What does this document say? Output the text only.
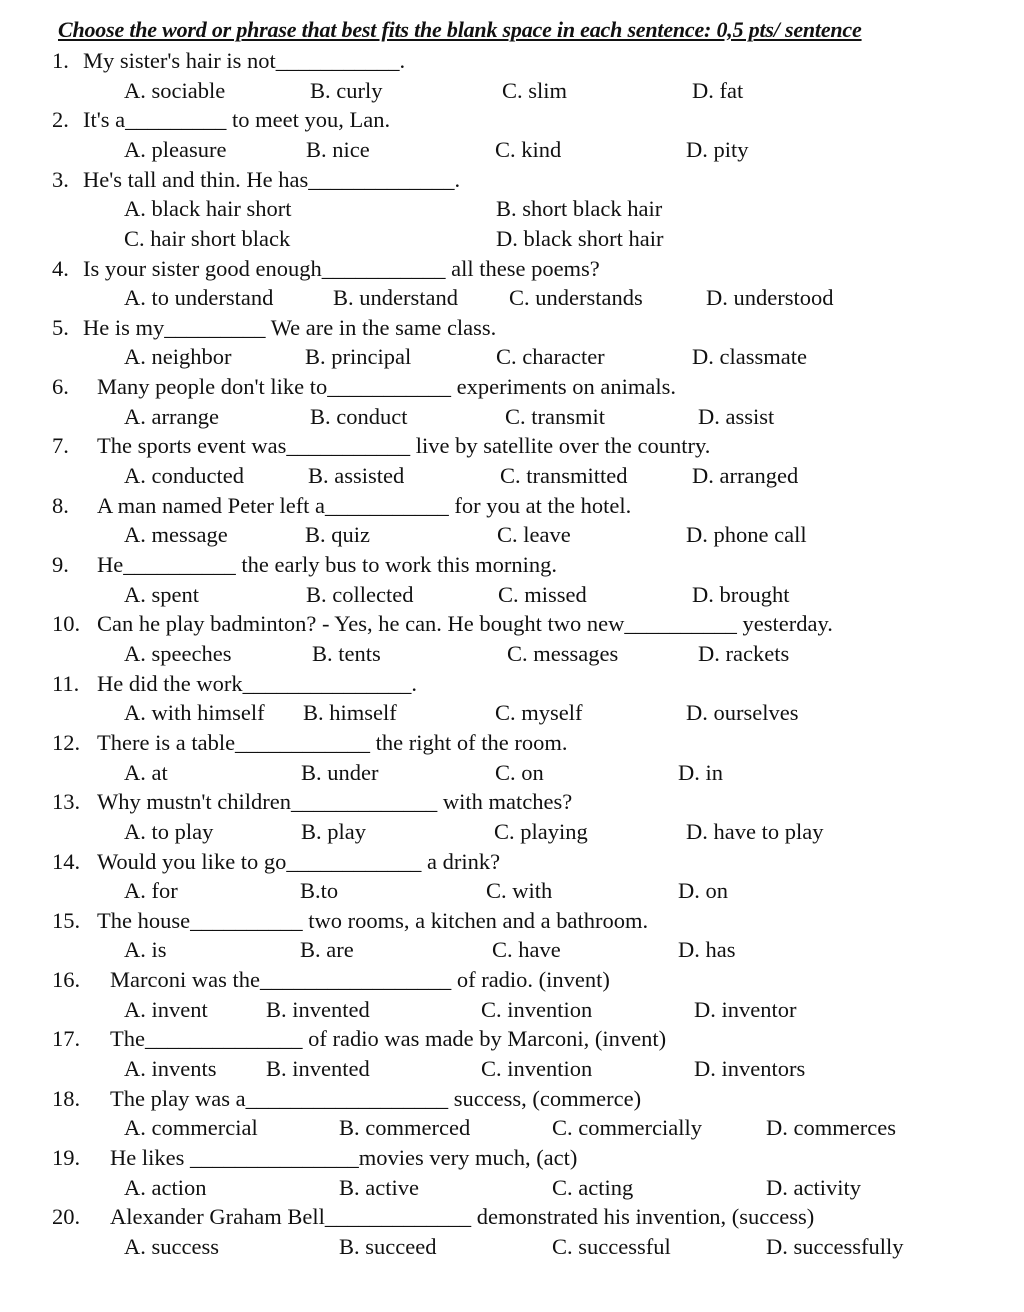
Choose the word or phrase that best fits the blank space in each sentence: 0,5 pts/ sentence
1. My sister's hair is not___________.
A. sociable	B. curly	C. slim	D. fat
2. It's a_________ to meet you, Lan.
A. pleasure	B. nice	C. kind	D. pity
3. He's tall and thin. He has_____________.
A. black hair short	B. short black hair
C. hair short black	D. black short hair
4. Is your sister good enough___________ all these poems?
A. to understand	B. understand C. understands	D. understood
5. He is my_________ We are in the same class.
A. neighbor	B. principal	C. character	D. classmate
6. Many people don't like to___________ experiments on animals.
A. arrange	B. conduct	C. transmit	D. assist
7. The sports event was___________ live by satellite over the country.
A. conducted	B. assisted	C. transmitted	D. arranged
8. A man named Peter left a___________ for you at the hotel.
A. message	B. quiz	C. leave	D. phone call
9. He__________ the early bus to work this morning.
A. spent	B. collected	C. missed	D. brought
10. Can he play badminton? - Yes, he can. He bought two new__________ yesterday.
A. speeches	B. tents	C. messages	D. rackets
11. He did the work_______________.
A. with himself B. himself	C. myself	D. ourselves
12. There is a table____________ the right of the room.
A. at	B. under	C. on	D. in
13. Why mustn't children_____________ with matches?
A. to play	B. play	C. playing	D. have to play
14. Would you like to go____________ a drink?
A. for	B.to	C. with	D. on
15. The house__________ two rooms, a kitchen and a bathroom.
A. is	B. are	C. have	D. has
16. Marconi was the_________________ of radio. (invent)
A. invent	B. invented	C. invention	D. inventor
17. The______________ of radio was made by Marconi, (invent)
A. invents B. invented	C. invention	D. inventors
18. The play was a__________________ success, (commerce)
A. commercial	B. commerced	C. commercially	D. commerces
19. He likes _______________movies very much, (act)
A. action	B. active	C. acting	D. activity
20. Alexander Graham Bell_____________ demonstrated his invention, (success)
A. success	B. succeed	C. successful	D. successfully
